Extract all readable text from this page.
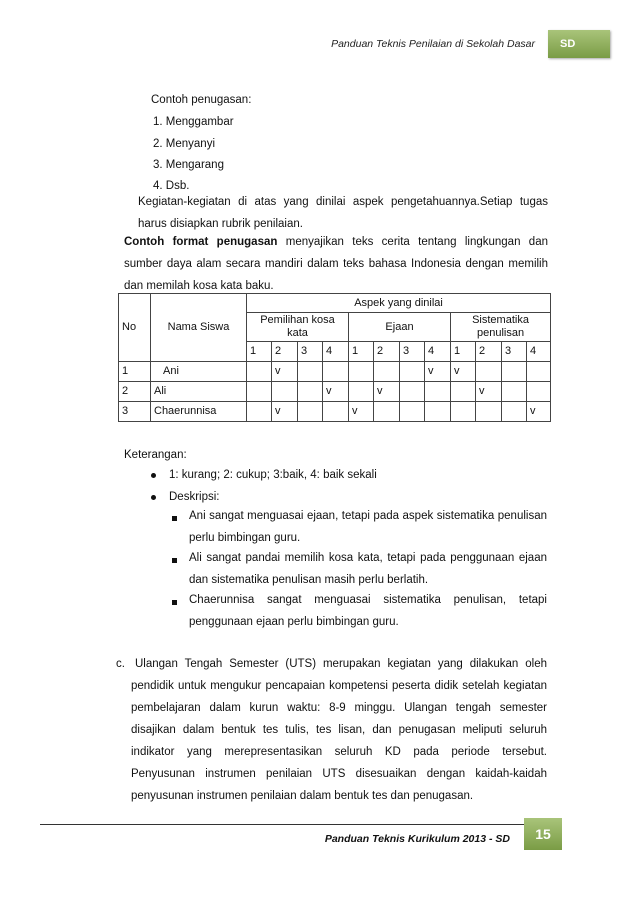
Panduan Teknis Penilaian di Sekolah Dasar	SD
Contoh penugasan:
1. Menggambar
2. Menyanyi
3. Mengarang
4. Dsb.
Kegiatan-kegiatan di atas yang dinilai aspek pengetahuannya.Setiap tugas harus disiapkan rubrik penilaian.
Contoh format penugasan menyajikan teks cerita tentang lingkungan dan sumber daya alam secara mandiri dalam teks bahasa Indonesia dengan memilih dan memilah kosa kata baku.
No	Nama Siswa	Aspek yang dinilai											
		Pemilihan kosa kata				Ejaan				Sistematika penulisan			
		1	2	3	4	1	2	3	4	1	2	3	4
1	Ani		v						v	v			
2	Ali				v		v				v		
3	Chaerunnisa		v			v							v
Keterangan:
1: kurang; 2: cukup; 3:baik, 4: baik sekali
Deskripsi:
Ani sangat menguasai ejaan, tetapi pada aspek sistematika penulisan perlu bimbingan guru.
Ali sangat pandai memilih kosa kata, tetapi pada penggunaan ejaan dan sistematika penulisan masih perlu berlatih.
Chaerunnisa sangat menguasai sistematika penulisan, tetapi penggunaan ejaan perlu bimbingan guru.
c. Ulangan Tengah Semester (UTS) merupakan kegiatan yang dilakukan oleh pendidik untuk mengukur pencapaian kompetensi peserta didik setelah kegiatan pembelajaran dalam kurun waktu: 8-9 minggu. Ulangan tengah semester disajikan dalam bentuk tes tulis, tes lisan, dan penugasan meliputi seluruh indikator yang merepresentasikan seluruh KD pada periode tersebut. Penyusunan instrumen penilaian UTS disesuaikan dengan kaidah-kaidah penyusunan instrumen penilaian dalam bentuk tes dan penugasan.
Panduan Teknis Kurikulum 2013 - SD	15
